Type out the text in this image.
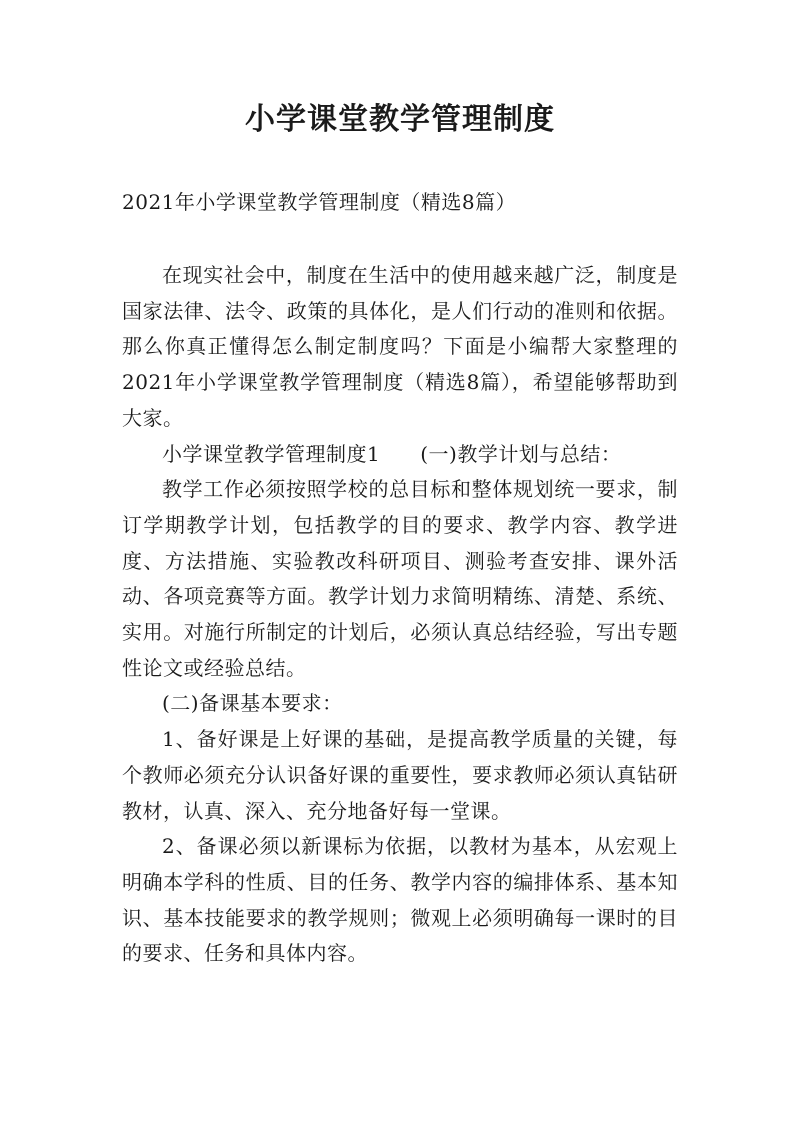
小学课堂教学管理制度

2021年小学课堂教学管理制度（精选8篇）

在现实社会中，制度在生活中的使用越来越广泛，制度是国家法律、法令、政策的具体化，是人们行动的准则和依据。那么你真正懂得怎么制定制度吗？下面是小编帮大家整理的2021年小学课堂教学管理制度（精选8篇），希望能够帮助到大家。

小学课堂教学管理制度1 (一)教学计划与总结：

教学工作必须按照学校的总目标和整体规划统一要求，制订学期教学计划，包括教学的目的要求、教学内容、教学进度、方法措施、实验教改科研项目、测验考查安排、课外活动、各项竞赛等方面。教学计划力求简明精练、清楚、系统、实用。对施行所制定的计划后，必须认真总结经验，写出专题性论文或经验总结。

(二)备课基本要求：

1、备好课是上好课的基础，是提高教学质量的关键，每个教师必须充分认识备好课的重要性，要求教师必须认真钻研教材，认真、深入、充分地备好每一堂课。

2、备课必须以新课标为依据，以教材为基本，从宏观上明确本学科的性质、目的任务、教学内容的编排体系、基本知识、基本技能要求的教学规则；微观上必须明确每一课时的目的要求、任务和具体内容。
